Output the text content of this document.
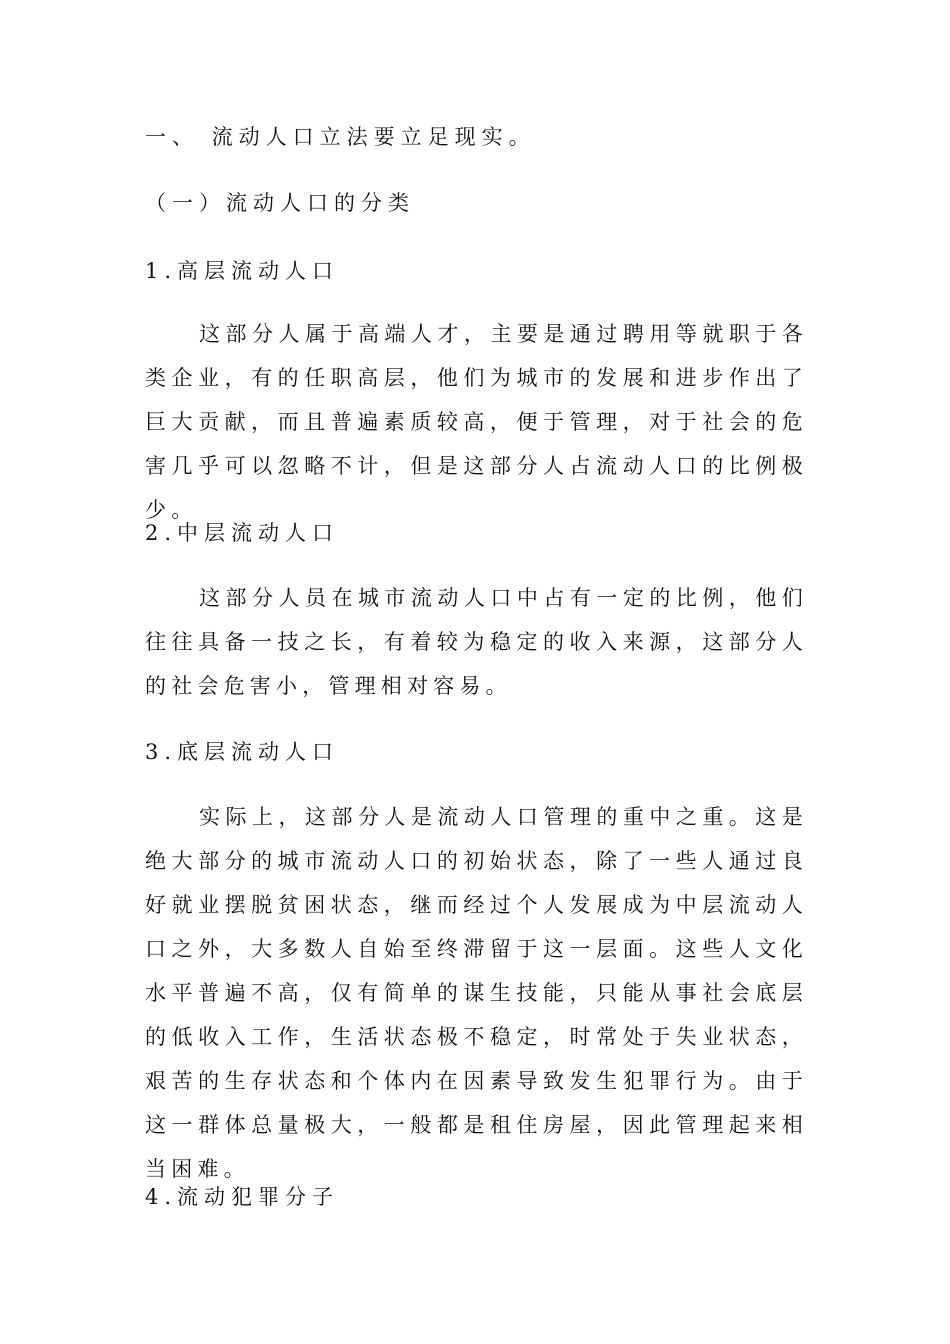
一、 流动人口立法要立足现实。
（一）流动人口的分类
1.高层流动人口

这部分人属于高端人才，主要是通过聘用等就职于各类企业，有的任职高层，他们为城市的发展和进步作出了巨大贡献，而且普遍素质较高，便于管理，对于社会的危害几乎可以忽略不计，但是这部分人占流动人口的比例极少。

2.中层流动人口

这部分人员在城市流动人口中占有一定的比例，他们往往具备一技之长，有着较为稳定的收入来源，这部分人的社会危害小，管理相对容易。

3.底层流动人口

实际上，这部分人是流动人口管理的重中之重。这是绝大部分的城市流动人口的初始状态，除了一些人通过良好就业摆脱贫困状态，继而经过个人发展成为中层流动人口之外，大多数人自始至终滞留于这一层面。这些人文化水平普遍不高，仅有简单的谋生技能，只能从事社会底层的低收入工作，生活状态极不稳定，时常处于失业状态，艰苦的生存状态和个体内在因素导致发生犯罪行为。由于这一群体总量极大，一般都是租住房屋，因此管理起来相当困难。

4.流动犯罪分子
